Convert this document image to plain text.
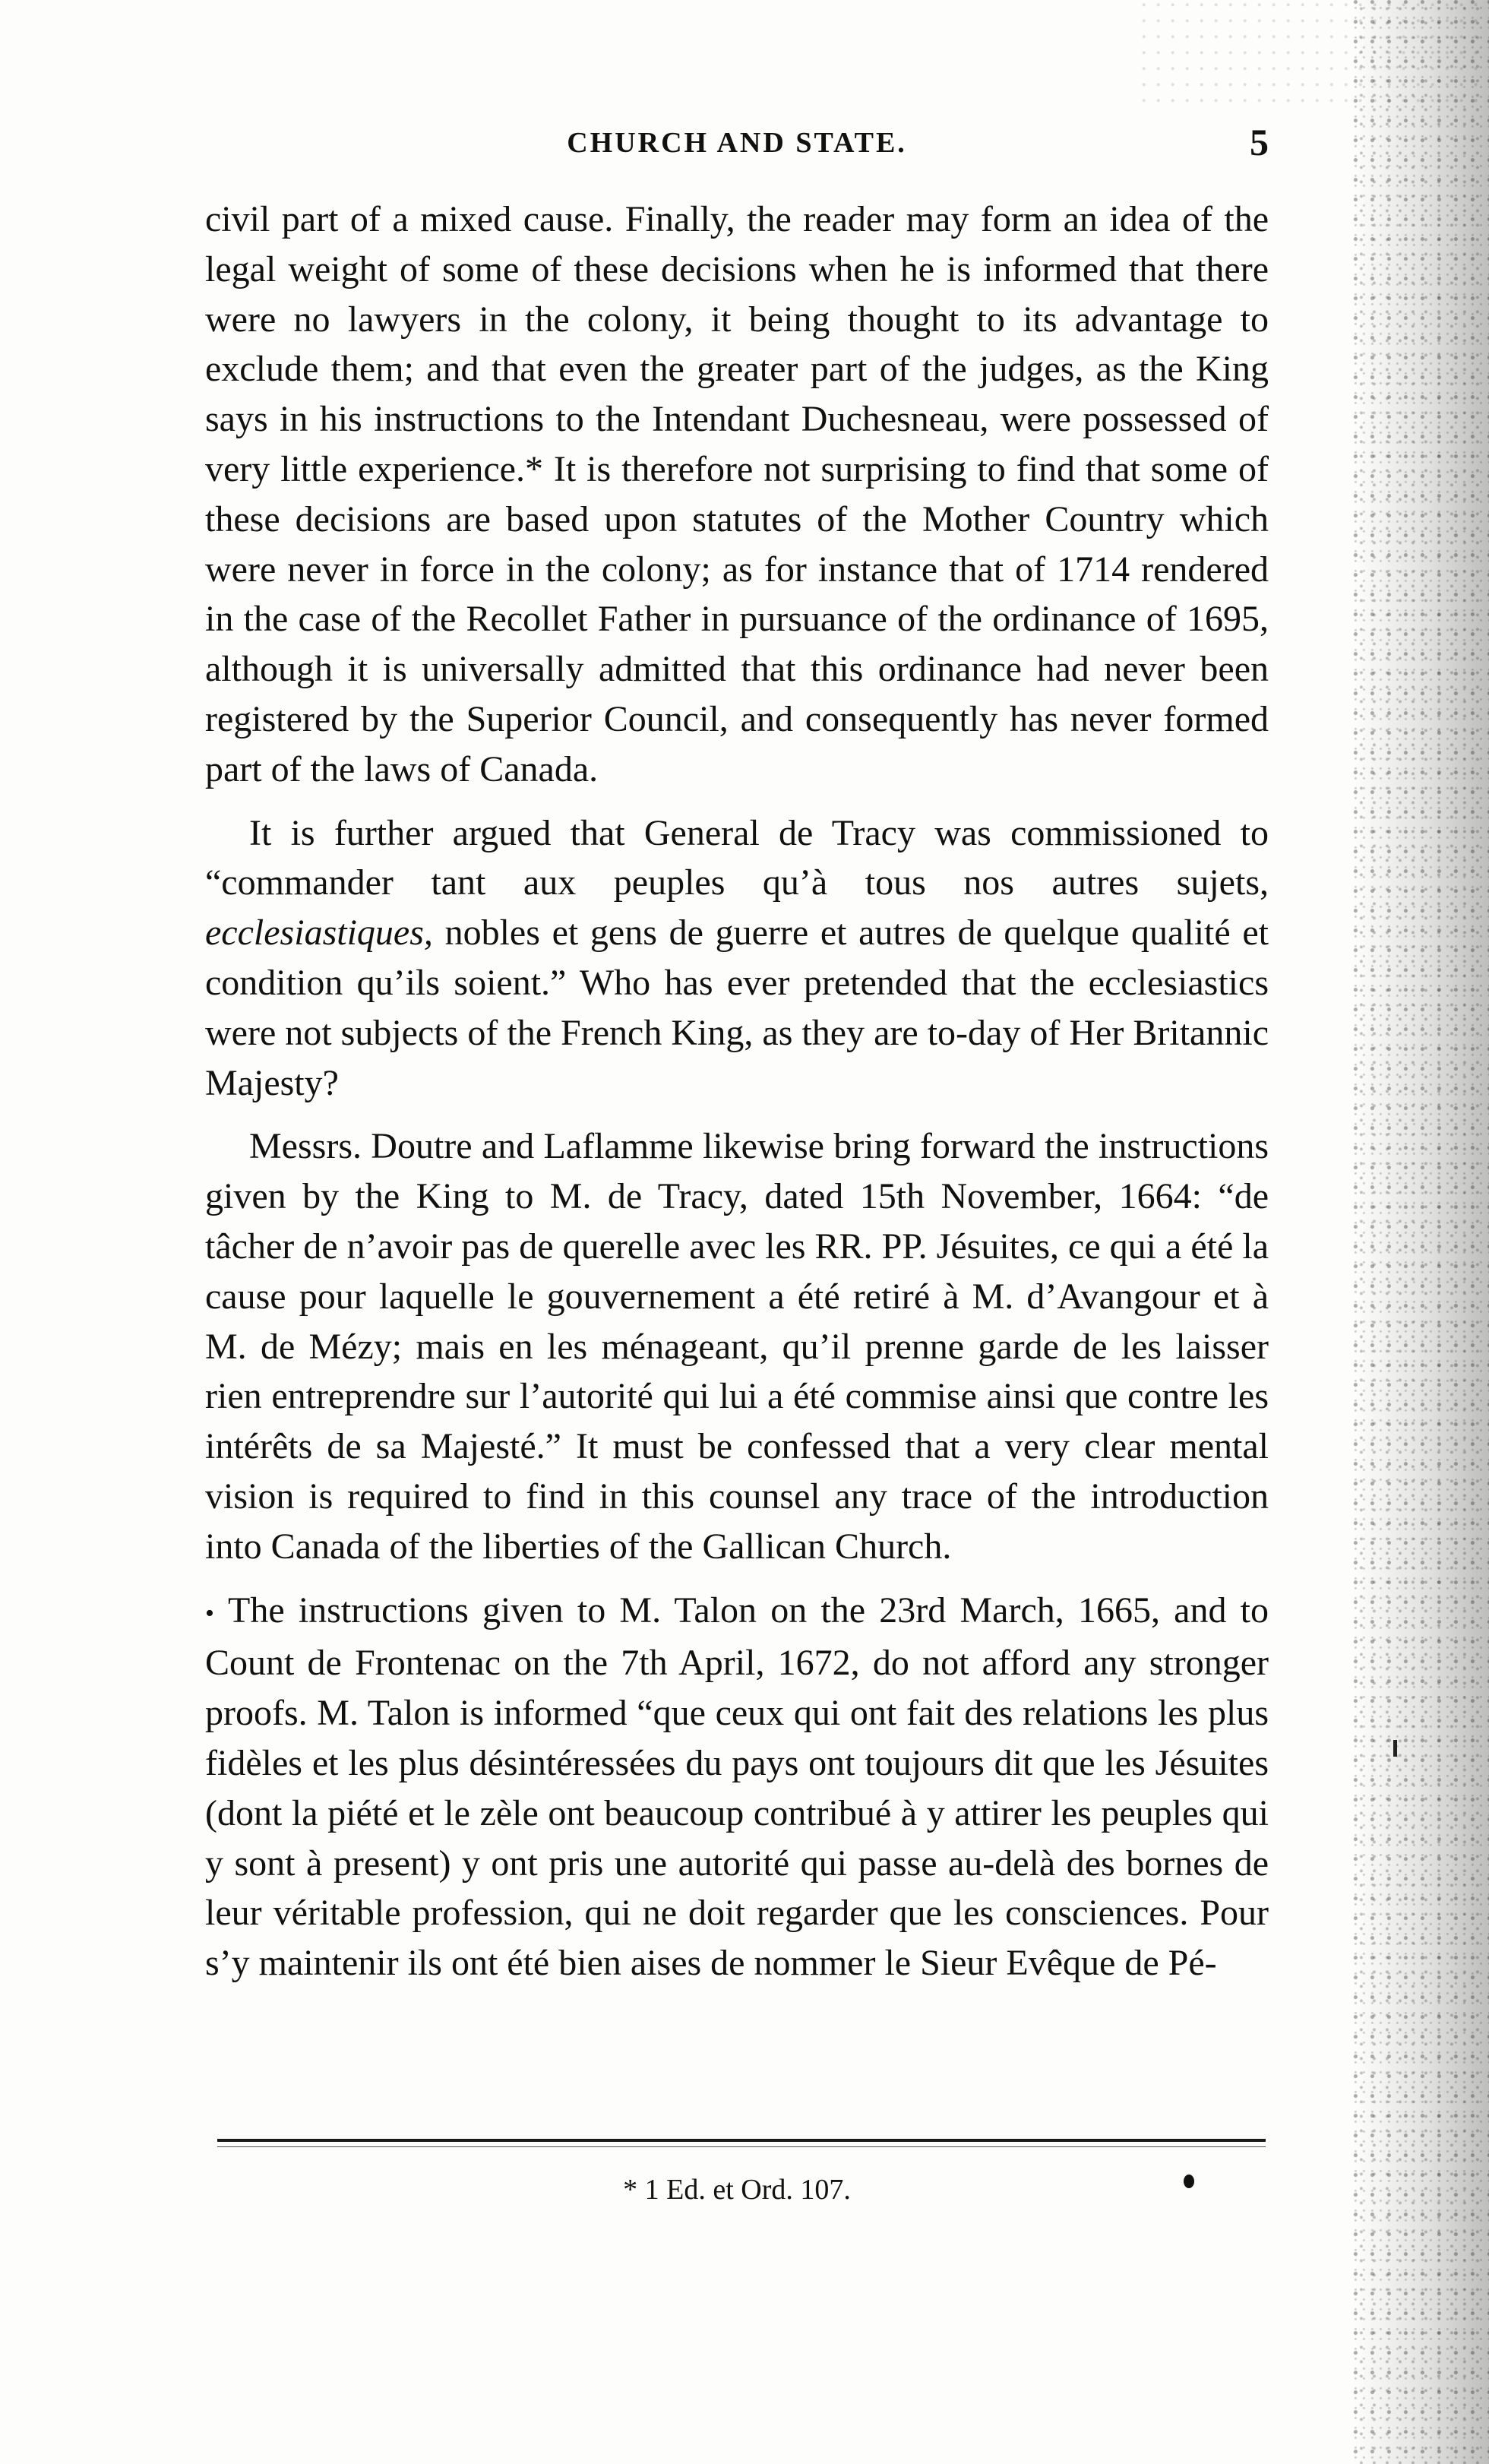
CHURCH AND STATE.	5

civil part of a mixed cause. Finally, the reader may form an idea of the legal weight of some of these decisions when he is informed that there were no lawyers in the colony, it being thought to its advantage to exclude them; and that even the greater part of the judges, as the King says in his instructions to the Intendant Duchesneau, were possessed of very little experience.* It is therefore not surprising to find that some of these decisions are based upon statutes of the Mother Country which were never in force in the colony; as for instance that of 1714 rendered in the case of the Recollet Father in pursuance of the ordinance of 1695, although it is universally admitted that this ordinance had never been registered by the Superior Council, and consequently has never formed part of the laws of Canada.

It is further argued that General de Tracy was commissioned to “commander tant aux peuples qu’à tous nos autres sujets, ecclesiastiques, nobles et gens de guerre et autres de quelque qualité et condition qu’ils soient.” Who has ever pretended that the ecclesiastics were not subjects of the French King, as they are to-day of Her Britannic Majesty?

Messrs. Doutre and Laflamme likewise bring forward the instructions given by the King to M. de Tracy, dated 15th November, 1664: “de tâcher de n’avoir pas de querelle avec les RR. PP. Jésuites, ce qui a été la cause pour laquelle le gouvernement a été retiré à M. d’Avangour et à M. de Mézy; mais en les ménageant, qu’il prenne garde de les laisser rien entreprendre sur l’autorité qui lui a été commise ainsi que contre les intérêts de sa Majesté.” It must be confessed that a very clear mental vision is required to find in this counsel any trace of the introduction into Canada of the liberties of the Gallican Church.

• The instructions given to M. Talon on the 23rd March, 1665, and to Count de Frontenac on the 7th April, 1672, do not afford any stronger proofs. M. Talon is informed “que ceux qui ont fait des relations les plus fidèles et les plus désintéressées du pays ont toujours dit que les Jésuites (dont la piété et le zèle ont beaucoup contribué à y attirer les peuples qui y sont à present) y ont pris une autorité qui passe au-delà des bornes de leur véritable profession, qui ne doit regarder que les consciences. Pour s’y maintenir ils ont été bien aises de nommer le Sieur Evêque de Pé-

* 1 Ed. et Ord. 107.
